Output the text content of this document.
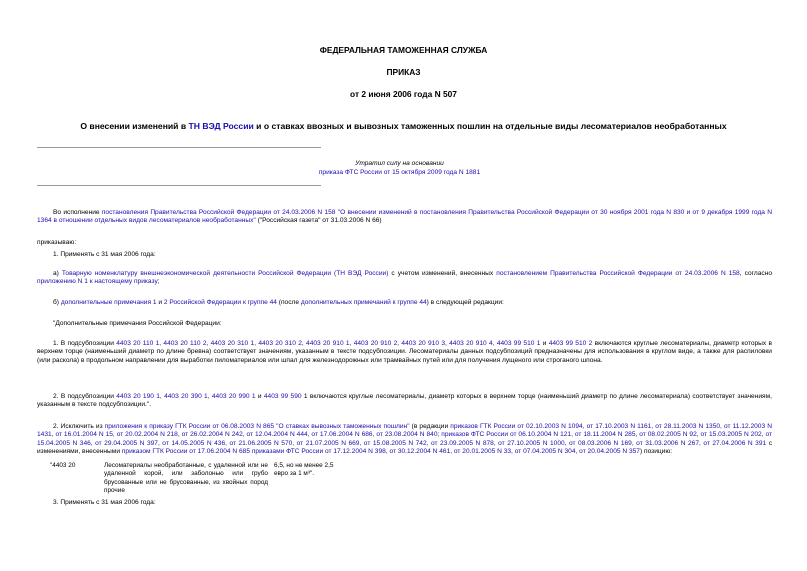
ФЕДЕРАЛЬНАЯ ТАМОЖЕННАЯ СЛУЖБА
ПРИКАЗ
от 2 июня 2006 года N 507
О внесении изменений в ТН ВЭД России и о ставках ввозных и вывозных таможенных пошлин на отдельные виды лесоматериалов необработанных
Утратил силу на основании
приказа ФТС России от 15 октября 2009 года N 1881
Во исполнение постановления Правительства Российской Федерации от 24.03.2006 N 158 "О внесении изменений в постановления Правительства Российской Федерации от 30 ноября 2001 года N 830 и от 9 декабря 1999 года N 1364 в отношении отдельных видов лесоматериалов необработанных" ("Российская газета" от 31.03.2006 N 66)
приказываю:
1. Применять с 31 мая 2006 года:
а) Товарную номенклатуру внешнеэкономической деятельности Российской Федерации (ТН ВЭД России) с учетом изменений, внесенных постановлением Правительства Российской Федерации от 24.03.2006 N 158, согласно приложению N 1 к настоящему приказу;
б) дополнительные примечания 1 и 2 Российской Федерации к группе 44 (после дополнительных примечаний к группе 44) в следующей редакции:
"Дополнительные примечания Российской Федерации:
1. В подсубпозиции 4403 20 110 1, 4403 20 110 2, 4403 20 310 1, 4403 20 310 2, 4403 20 910 1, 4403 20 910 2, 4403 20 910 3, 4403 20 910 4, 4403 99 510 1 и 4403 99 510 2 включаются круглые лесоматериалы, диаметр которых в верхнем торце (наименьший диаметр по длине бревна) соответствует значениям, указанным в тексте подсубпозиции. Лесоматериалы данных подсубпозиций предназначены для использования в круглом виде, а также для распиловки (или раскола) в продольном направлении для выработки пиломатериалов или шпал для железнодорожных или трамвайных путей или для получения лущеного или строганого шпона.
2. В подсубпозиции 4403 20 190 1, 4403 20 390 1, 4403 20 990 1 и 4403 99 590 1 включаются круглые лесоматериалы, диаметр которых в верхнем торце (наименьший диаметр по длине лесоматериала) соответствует значениям, указанным в тексте подсубпозиции.".
2. Исключить из приложения к приказу ГТК России от 06.08.2003 N 865 "О ставках вывозных таможенных пошлин" (в редакции приказов ГТК России от 02.10.2003 N 1094, от 17.10.2003 N 1161, от 28.11.2003 N 1350, от 11.12.2003 N 1431, от 16.01.2004 N 15, от 20.02.2004 N 218, от 26.02.2004 N 242, от 12.04.2004 N 444, от 17.06.2004 N 686, от 23.08.2004 N 840; приказов ФТС России от 06.10.2004 N 121, от 18.11.2004 N 285, от 08.02.2005 N 92, от 15.03.2005 N 202, от 15.04.2005 N 346, от 29.04.2005 N 397, от 14.05.2005 N 436, от 21.06.2005 N 570, от 21.07.2005 N 669, от 15.08.2005 N 742, от 23.09.2005 N 878, от 27.10.2005 N 1000, от 08.03.2006 N 169, от 31.03.2006 N 267, от 27.04.2006 N 391 с изменениями, внесенными приказом ГТК России от 17.06.2004 N 685 приказами ФТС России от 17.12.2004 N 398, от 30.12.2004 N 461, от 20.01.2005 N 33, от 07.04.2005 N 304, от 20.04.2005 N 357) позицию:
"4403 20	Лесоматериалы необработанные, с удаленной или не удаленной корой, или заболонью или грубо брусованные или не брусованные, из хвойных пород прочие
6,5, но не менее 2,5
евро за 1 м³".
3. Применять с 31 мая 2006 года:
